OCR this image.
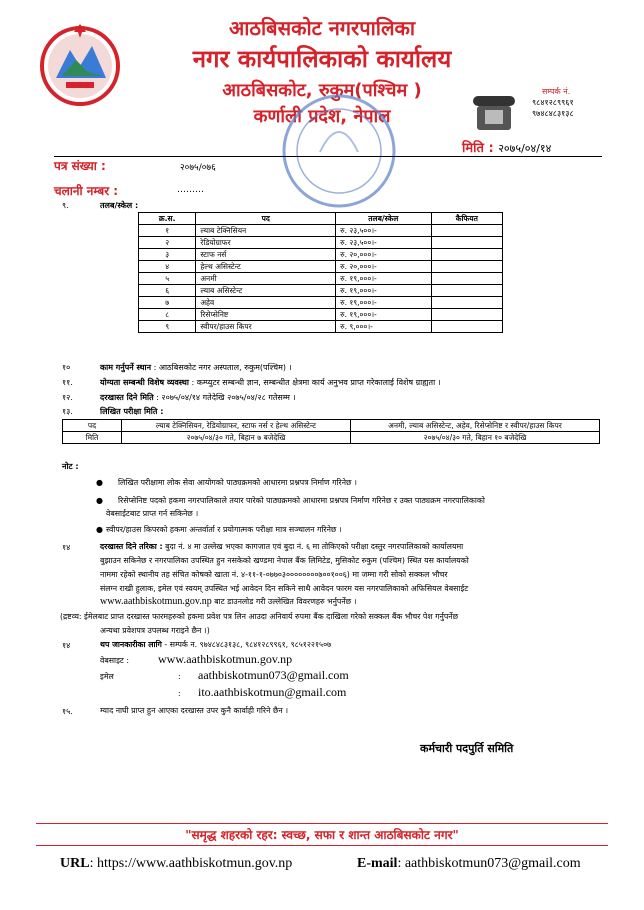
आठबिसकोट नगरपालिका
नगर कार्यपालिकाको कार्यालय
आठबिसकोट, रुकुम(पश्चिम )
कर्णाली प्रदेश, नेपाल
सम्पर्क नं.
९८४१२८९९६१
९७४८४८३१३८
मिति : २०७५/०४/१४
पत्र संख्या :	२०७५/०७६
चलानी नम्बर :	………
९.	तलब/स्केल :
क्र.स.	पद	तलब/स्केल	कैफियत
१	ल्याब टेक्निसियन	रु. २३,५००।-	
२	रेडियोग्राफर	रु. २३,५००।-	
३	स्टाफ नर्स	रु. २०,०००।-	
४	हेल्थ असिस्टेन्ट	रु. २०,०००।-	
५	अनमी	रु. १९,०००।-	
६	ल्याब असिस्टेन्ट	रु. १९,०००।-	
७	अहेव	रु. १९,०००।-	
८	रिसेप्सेनिष्ट	रु. १९,०००।-	
९	स्वीपर/हाउस किपर	रु. ९,०००।-	
१०	काम गर्नुपर्ने स्थान : आठबिसकोट नगर अस्पताल, रुकुम(पश्चिम) ।
११.	योग्यता सम्बन्धी विशेष व्यवस्था : कम्प्युटर सम्बन्धी ज्ञान, सम्बन्धीत क्षेत्रमा कार्य अनुभव प्राप्त गरेकालाई विशेष ग्राह्यता ।
१२.	दरखास्त दिने मिति : २०७५/०४/१४ गतेदेखि २०७५/०४/२८ गतेसम्म ।
१३.	लिखित परीक्षा मिति :
पद	ल्याब टेक्निसियन, रेडियोग्राफर, स्टाफ नर्स र हेल्थ असिस्टेन्ट	अनमी, ल्याब असिस्टेन्ट, अहेव, रिसेप्सेनिष्ट र स्वीपर/हाउस किपर
मिति	२०७५/०४/३० गते, बिहान ७ बजेदेखि	२०७५/०४/३० गते, बिहान १० बजेदेखि
नोट :
● लिखित परीक्षामा लोक सेवा आयोगको पाठ्यक्रमको आधारमा प्रश्नपत्र निर्माण गरिनेछ ।
● रिसेप्सेनिष्ट पदको हकमा नगरपालिकाले तयार पारेको पाठ्यक्रमको आधारमा प्रश्नपत्र निर्माण गरिनेछ र उक्त पाठ्यक्रम नगरपालिकाको
वेबसाईटबाट प्राप्त गर्न सकिनेछ ।
● स्वीपर/हाउस किपरको हकमा अन्तर्वार्ता र प्रयोगात्मक परीक्षा मात्र सञ्चालन गरिनेछ ।
१४	दरखास्त दिने तरिका : बुदा नं. ४ मा उल्लेख भएका कागजात एवं बुदा नं. ६ मा तोकिएको परीक्षा दस्तुर नगरपालिकाको कार्यालयमा
बुझाउन सकिनेछ र नगरपालिका उपस्थित हुन नसकेको खण्डमा नेपाल बैंक लिमिटेड, मुसिकोट रुकुम (पश्चिम) स्थित यस कार्यालयको
नाममा रहेको स्थानीय तह संचित कोषको खाता नं. ४-११-१-०७७०३००००००००७००१००६) मा जम्मा गरी सोको सक्कल भौचर
संलग्न राखी हुलाक, इमेल एवं स्वयम् उपस्थित भई आवेदन दिन सकिने साथै आवेदन फारम यस नगरपालिकाको अफिसियल वेबसाईट
www.aathbiskotmun.gov.np बाट डाउनलोड गरी उल्लेखित विवरणहरु भर्नुपर्नेछ ।
(द्रष्टव्य: ईमेलबाट प्राप्त दरखास्त फारमहरुको हकमा प्रवेश पत्र लिन आउदा अनिवार्य रुपमा बैंक दाखिला गरेको सक्कल बैंक भौचर पेश गर्नुपर्नेछ
अन्यथा प्रवेशपत्र उपलब्ध गराइने छैन ।)
१४	थप जानकारीका लागि - सम्पर्क न. ९७४८४८३१३८, ९८४१२८९९६१, ९८५१२२१५०७
वेबसाइट : www.aathbiskotmun.gov.np
इमेल	: aathbiskotmun073@gmail.com
: ito.aathbiskotmun@gmail.com
१५.	म्याद नाघी प्राप्त हुन आएका दरखास्त उपर कुनै कार्वाही गरिने छैन ।
कर्मचारी पदपुर्ति समिति
"समृद्ध शहरको रहर: स्वच्छ, सफा र शान्त आठबिसकोट नगर"
URL: https://www.aathbiskotmun.gov.np	E-mail: aathbiskotmun073@gmail.com
